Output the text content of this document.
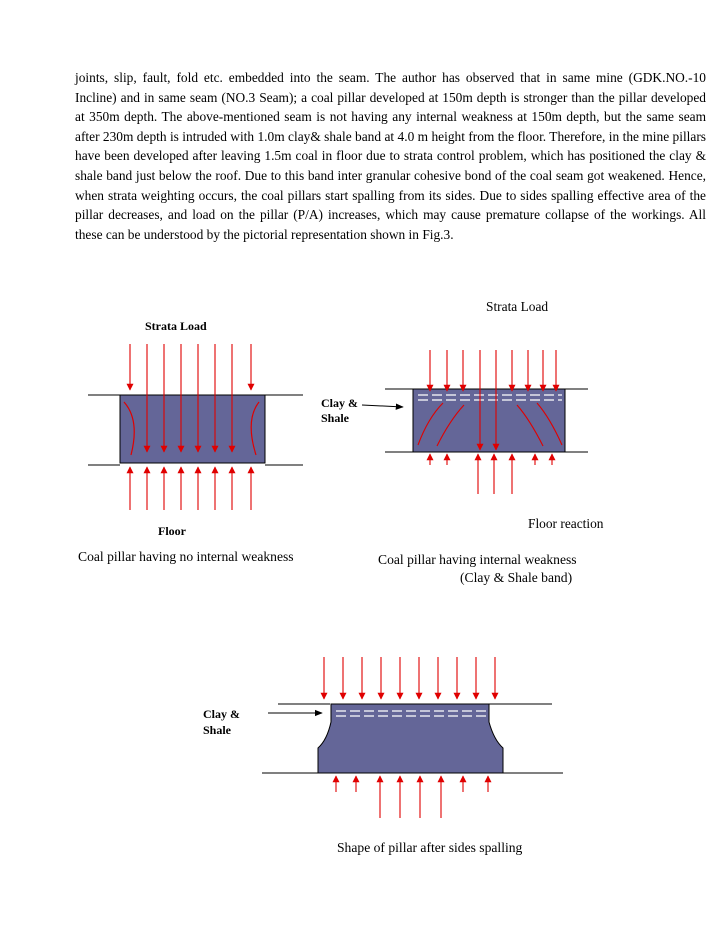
joints, slip, fault, fold etc. embedded into the seam. The author has observed that in same mine (GDK.NO.-10 Incline) and in same seam (NO.3 Seam); a coal pillar developed at 150m depth is stronger than the pillar developed at 350m depth. The above-mentioned seam is not having any internal weakness at 150m depth, but the same seam after 230m depth is intruded with 1.0m clay& shale band at 4.0 m height from the floor. Therefore, in the mine pillars have been developed after leaving 1.5m coal in floor due to strata control problem, which has positioned the clay & shale band just below the roof. Due to this band inter granular cohesive bond of the coal seam got weakened. Hence, when strata weighting occurs, the coal pillars start spalling from its sides. Due to sides spalling effective area of the pillar decreases, and load on the pillar (P/A) increases, which may cause premature collapse of the workings. All these can be understood by the pictorial representation shown in Fig.3.

Strata Load
Floor
Coal pillar having no internal weakness
Strata Load
Clay &
Shale
Floor reaction
Coal pillar having internal weakness
(Clay & Shale band)
Clay &
Shale
Shape of pillar after sides spalling
